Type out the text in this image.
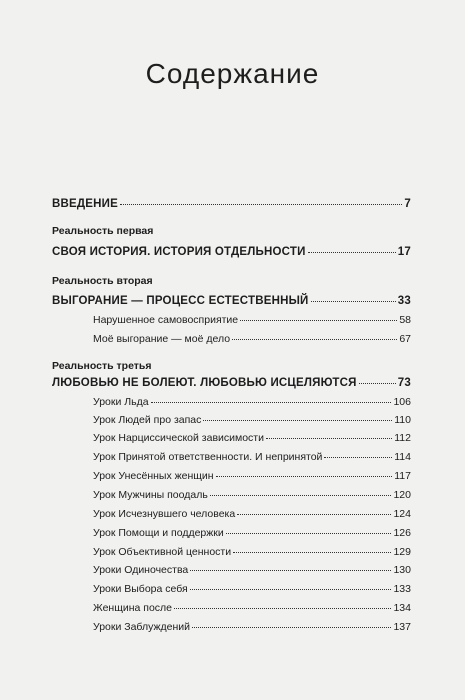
Содержание
ВВЕДЕНИЕ	7
Реальность первая
СВОЯ ИСТОРИЯ. ИСТОРИЯ ОТДЕЛЬНОСТИ	17
Реальность вторая
ВЫГОРАНИЕ — ПРОЦЕСС ЕСТЕСТВЕННЫЙ	33
Нарушенное самовосприятие	58
Моё выгорание — моё дело	67
Реальность третья
ЛЮБОВЬЮ НЕ БОЛЕЮТ. ЛЮБОВЬЮ ИСЦЕЛЯЮТСЯ	73
Уроки Льда	106
Урок Людей про запас	110
Урок Нарциссической зависимости	112
Урок Принятой ответственности. И непринятой	114
Урок Унесённых женщин	117
Урок Мужчины поодаль	120
Урок Исчезнувшего человека	124
Урок Помощи и поддержки	126
Урок Объективной ценности	129
Уроки Одиночества	130
Уроки Выбора себя	133
Женщина после	134
Уроки Заблуждений	137
